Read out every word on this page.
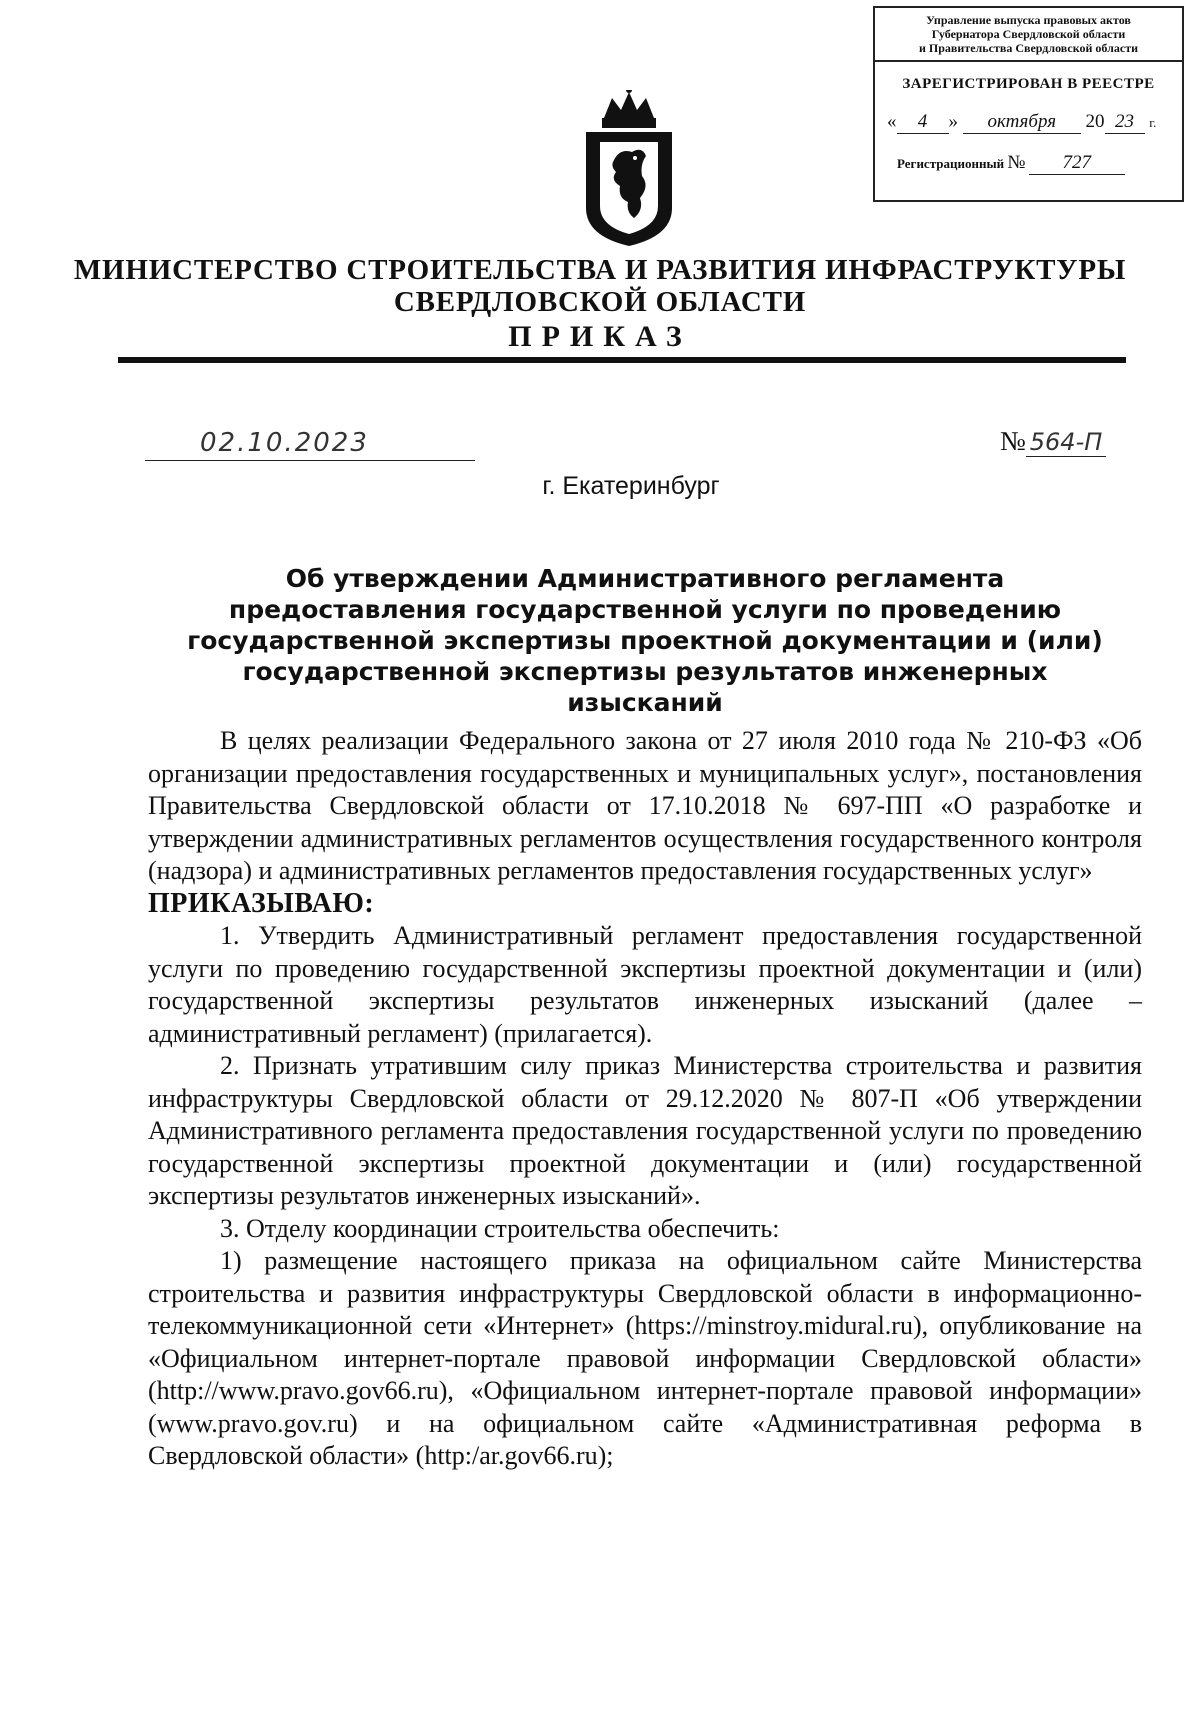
Управление выпуска правовых актов
Губернатора Свердловской области
и Правительства Свердловской области
ЗАРЕГИСТРИРОВАН В РЕЕСТРЕ
« 4 » октября 20 23 г.
Регистрационный № 727
МИНИСТЕРСТВО СТРОИТЕЛЬСТВА И РАЗВИТИЯ ИНФРАСТРУКТУРЫ
СВЕРДЛОВСКОЙ ОБЛАСТИ
ПРИКАЗ
02.10.2023	№ 564-П
г. Екатеринбург
Об утверждении Административного регламента предоставления государственной услуги по проведению государственной экспертизы проектной документации и (или) государственной экспертизы результатов инженерных изысканий

В целях реализации Федерального закона от 27 июля 2010 года № 210-ФЗ «Об организации предоставления государственных и муниципальных услуг», постановления Правительства Свердловской области от 17.10.2018 № 697-ПП «О разработке и утверждении административных регламентов осуществления государственного контроля (надзора) и административных регламентов предоставления государственных услуг»

ПРИКАЗЫВАЮ:

1. Утвердить Административный регламент предоставления государственной услуги по проведению государственной экспертизы проектной документации и (или) государственной экспертизы результатов инженерных изысканий (далее – административный регламент) (прилагается).

2. Признать утратившим силу приказ Министерства строительства и развития инфраструктуры Свердловской области от 29.12.2020 № 807-П «Об утверждении Административного регламента предоставления государственной услуги по проведению государственной экспертизы проектной документации и (или) государственной экспертизы результатов инженерных изысканий».

3. Отделу координации строительства обеспечить:

1) размещение настоящего приказа на официальном сайте Министерства строительства и развития инфраструктуры Свердловской области в информационно-телекоммуникационной сети «Интернет» (https://minstroy.midural.ru), опубликование на «Официальном интернет-портале правовой информации Свердловской области» (http://www.pravo.gov66.ru), «Официальном интернет-портале правовой информации» (www.pravo.gov.ru) и на официальном сайте «Административная реформа в Свердловской области» (http:/ar.gov66.ru);
